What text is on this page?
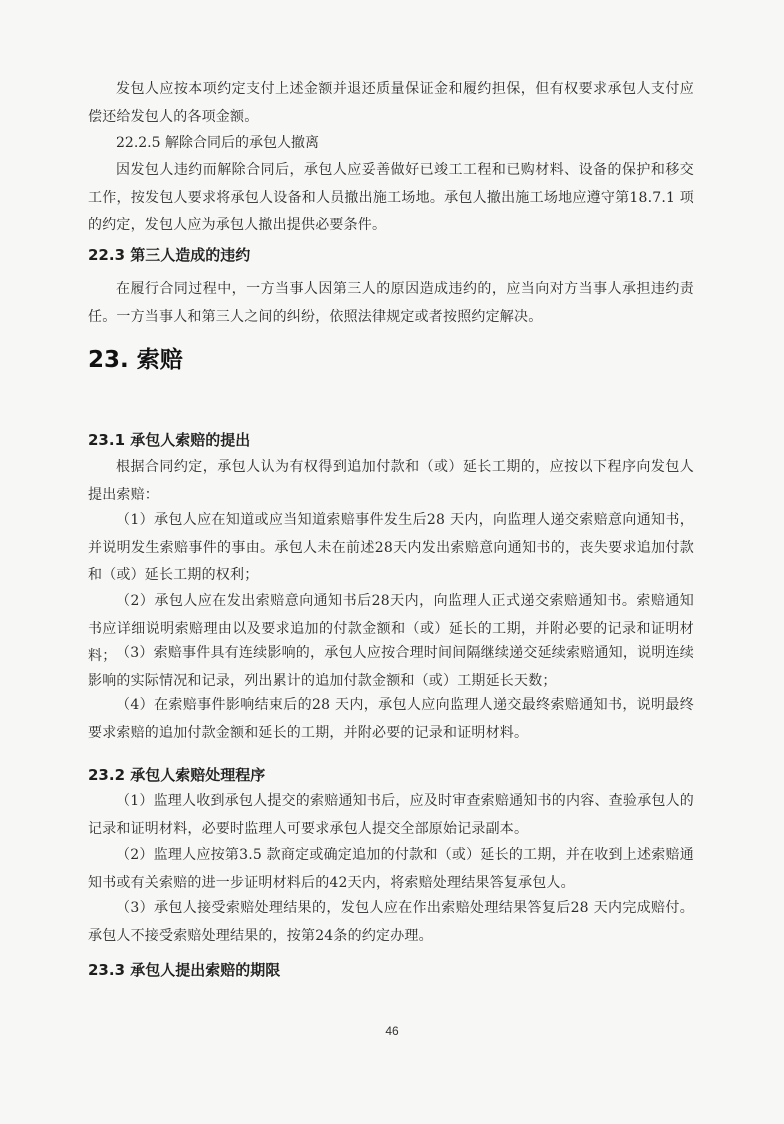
发包人应按本项约定支付上述金额并退还质量保证金和履约担保，但有权要求承包人支付应偿还给发包人的各项金额。

22.2.5 解除合同后的承包人撤离

因发包人违约而解除合同后，承包人应妥善做好已竣工工程和已购材料、设备的保护和移交工作，按发包人要求将承包人设备和人员撤出施工场地。承包人撤出施工场地应遵守第18.7.1 项的约定，发包人应为承包人撤出提供必要条件。

22.3 第三人造成的违约

在履行合同过程中，一方当事人因第三人的原因造成违约的，应当向对方当事人承担违约责任。一方当事人和第三人之间的纠纷，依照法律规定或者按照约定解决。

23. 索赔
23.1 承包人索赔的提出

根据合同约定，承包人认为有权得到追加付款和（或）延长工期的，应按以下程序向发包人提出索赔：

（1）承包人应在知道或应当知道索赔事件发生后28 天内，向监理人递交索赔意向通知书，并说明发生索赔事件的事由。承包人未在前述28天内发出索赔意向通知书的，丧失要求追加付款和（或）延长工期的权利；

（2）承包人应在发出索赔意向通知书后28天内，向监理人正式递交索赔通知书。索赔通知书应详细说明索赔理由以及要求追加的付款金额和（或）延长的工期，并附必要的记录和证明材料； （3）索赔事件具有连续影响的，承包人应按合理时间间隔继续递交延续索赔通知，说明连续影响的实际情况和记录，列出累计的追加付款金额和（或）工期延长天数；

（4）在索赔事件影响结束后的28 天内，承包人应向监理人递交最终索赔通知书，说明最终要求索赔的追加付款金额和延长的工期，并附必要的记录和证明材料。

23.2 承包人索赔处理程序

（1）监理人收到承包人提交的索赔通知书后，应及时审查索赔通知书的内容、查验承包人的记录和证明材料，必要时监理人可要求承包人提交全部原始记录副本。

（2）监理人应按第3.5 款商定或确定追加的付款和（或）延长的工期，并在收到上述索赔通知书或有关索赔的进一步证明材料后的42天内，将索赔处理结果答复承包人。

（3）承包人接受索赔处理结果的，发包人应在作出索赔处理结果答复后28 天内完成赔付。承包人不接受索赔处理结果的，按第24条的约定办理。

23.3 承包人提出索赔的期限
46
